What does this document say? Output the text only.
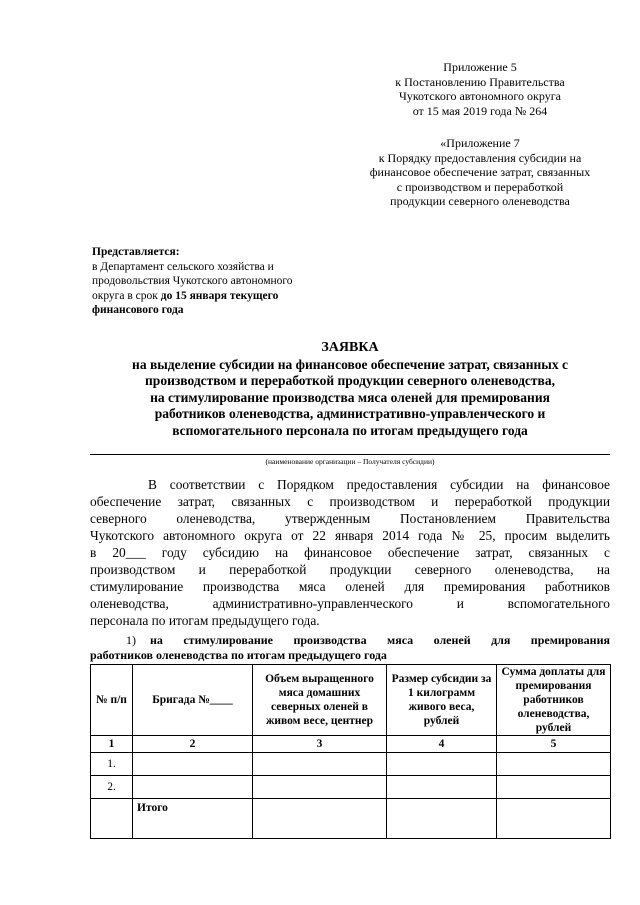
Приложение 5
к Постановлению Правительства
Чукотского автономного округа
от 15 мая 2019 года № 264
«Приложение 7
к Порядку предоставления субсидии на
финансовое обеспечение затрат, связанных
с производством и переработкой
продукции северного оленеводства
Представляется:
в Департамент сельского хозяйства и
продовольствия Чукотского автономного
округа в срок до 15 января текущего
финансового года
ЗАЯВКА
на выделение субсидии на финансовое обеспечение затрат, связанных с
производством и переработкой продукции северного оленеводства,
на стимулирование производства мяса оленей для премирования
работников оленеводства, административно-управленческого и
вспомогательного персонала по итогам предыдущего года
(наименование организации – Получателя субсидии)
В соответствии с Порядком предоставления субсидии на финансовое
обеспечение затрат, связанных с производством и переработкой продукции
северного оленеводства, утвержденным Постановлением Правительства
Чукотского автономного округа от 22 января 2014 года № 25, просим выделить
в 20___ году субсидию на финансовое обеспечение затрат, связанных с
производством и переработкой продукции северного оленеводства, на
стимулирование производства мяса оленей для премирования работников
оленеводства, административно-управленческого и вспомогательного
персонала по итогам предыдущего года.
1) на стимулирование производства мяса оленей для премирования
работников оленеводства по итогам предыдущего года
№ п/п	Бригада №____	Объем выращенного мяса домашних северных оленей в живом весе, центнер	Размер субсидии за 1 килограмм живого веса, рублей	Сумма доплаты для премирования работников оленеводства, рублей
1	2	3	4	5
1.				
2.				
	Итого			
